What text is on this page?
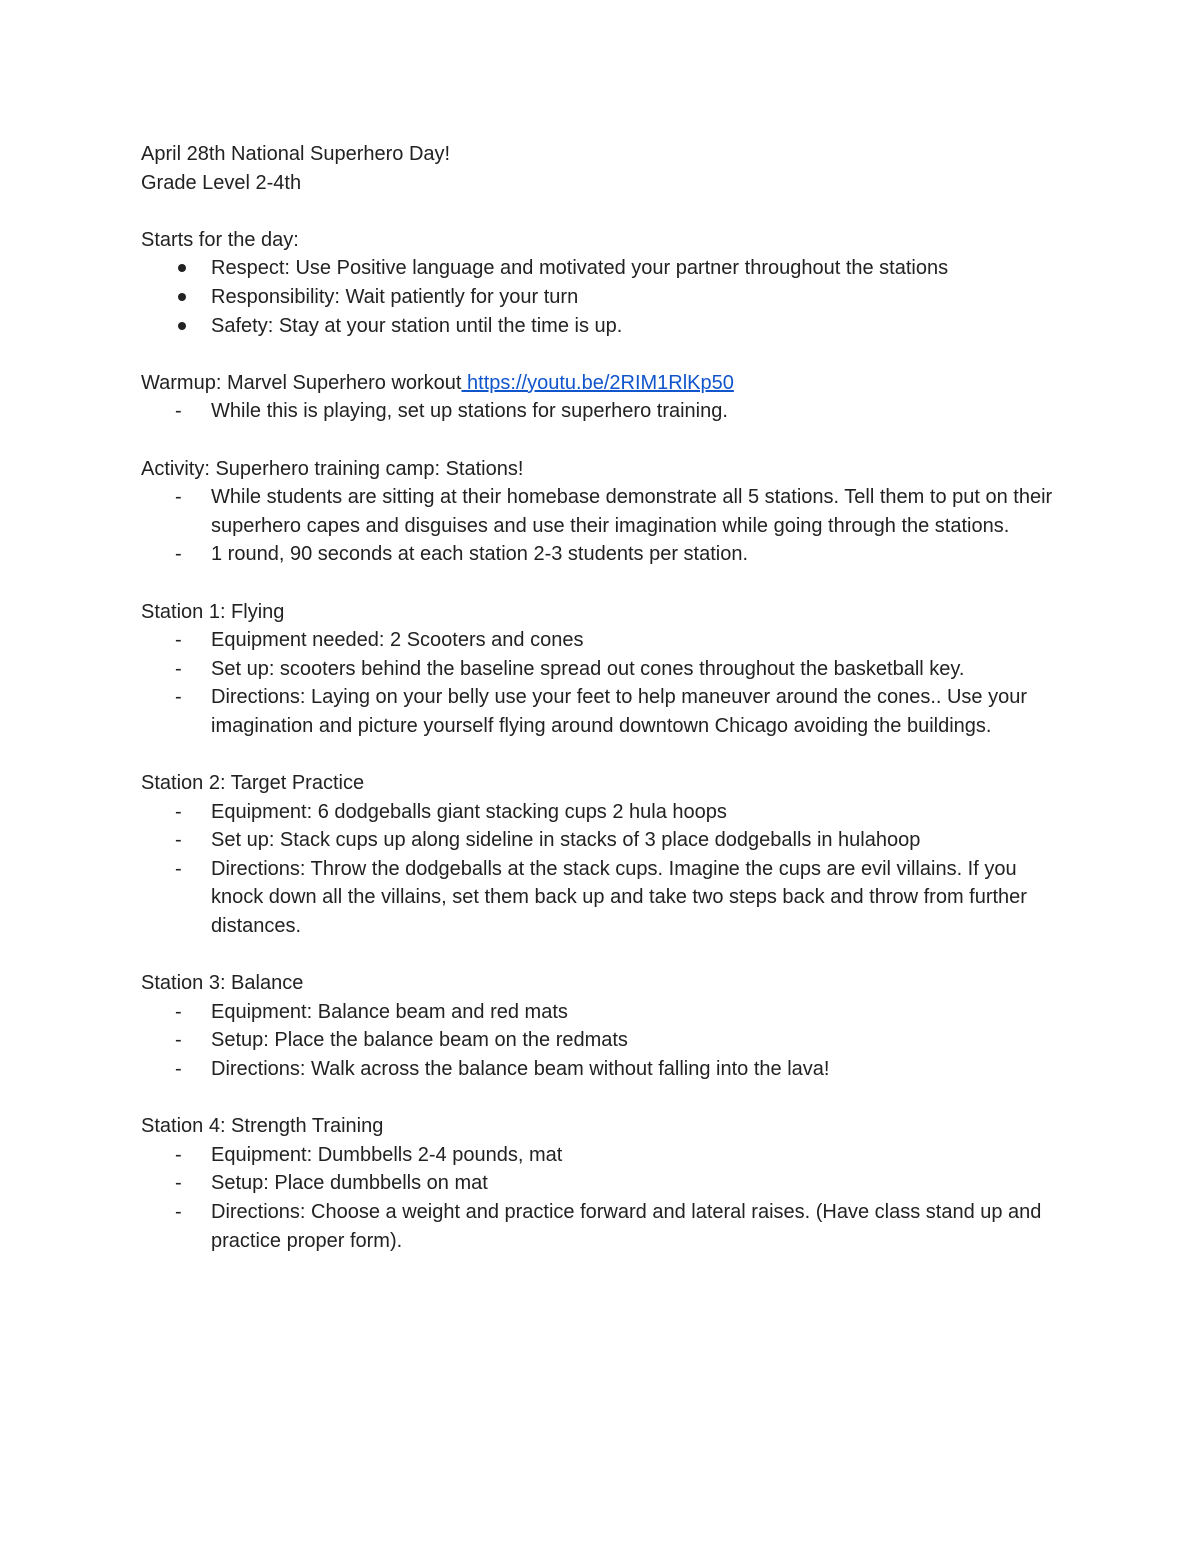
April 28th National Superhero Day!
Grade Level 2-4th
Starts for the day:
Respect: Use Positive language and motivated your partner throughout the stations
Responsibility: Wait patiently for your turn
Safety: Stay at your station until the time is up.
Warmup: Marvel Superhero workout https://youtu.be/2RIM1RlKp50
-	While this is playing, set up stations for superhero training.
Activity: Superhero training camp: Stations!
-	While students are sitting at their homebase demonstrate all 5 stations. Tell them to put on their superhero capes and disguises and use their imagination while going through the stations.
-	1 round, 90 seconds at each station 2-3 students per station.
Station 1: Flying
-	Equipment needed: 2 Scooters and cones
-	Set up: scooters behind the baseline spread out cones throughout the basketball key.
-	Directions: Laying on your belly use your feet to help maneuver around the cones.. Use your imagination and picture yourself flying around downtown Chicago avoiding the buildings.
Station 2: Target Practice
-	Equipment: 6 dodgeballs giant stacking cups 2 hula hoops
-	Set up: Stack cups up along sideline in stacks of 3 place dodgeballs in hulahoop
-	Directions: Throw the dodgeballs at the stack cups. Imagine the cups are evil villains. If you knock down all the villains, set them back up and take two steps back and throw from further distances.
Station 3: Balance
-	Equipment: Balance beam and red mats
-	Setup: Place the balance beam on the redmats
-	Directions: Walk across the balance beam without falling into the lava!
Station 4: Strength Training
-	Equipment: Dumbbells 2-4 pounds, mat
-	Setup: Place dumbbells on mat
-	Directions: Choose a weight and practice forward and lateral raises. (Have class stand up and practice proper form).
